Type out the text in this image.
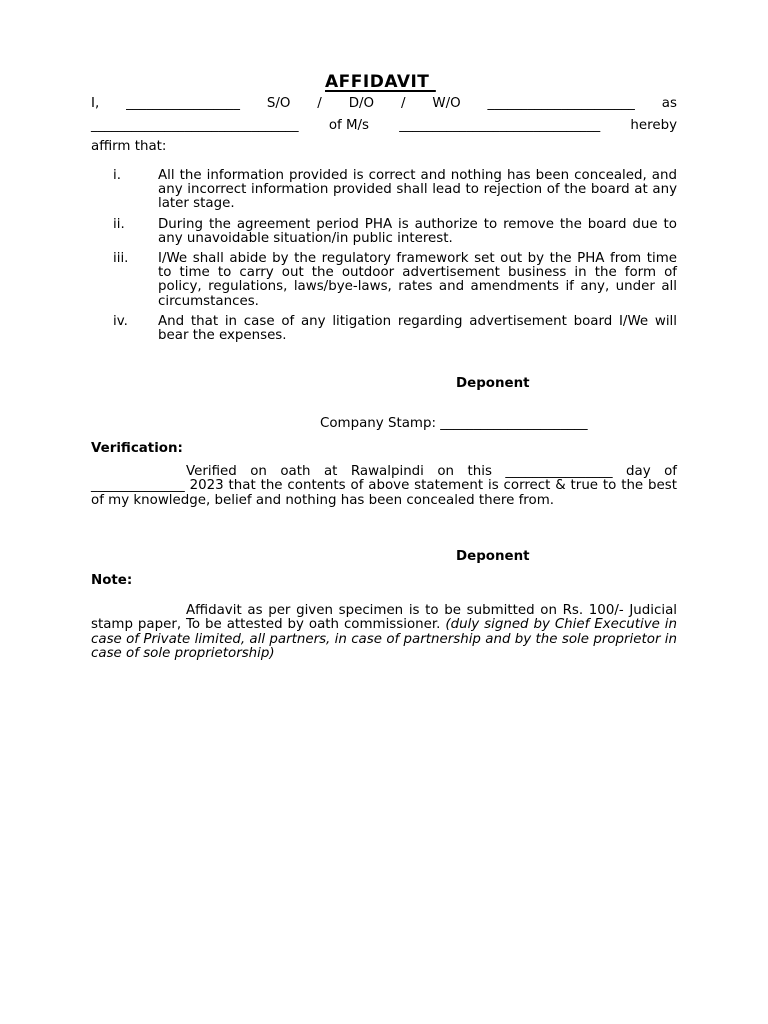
AFFIDAVIT
I, _________________ S/O / D/O / W/O ______________________ as
_______________________________ of M/s ______________________________ hereby
affirm that:
i.	All the information provided is correct and nothing has been concealed, and any incorrect information provided shall lead to rejection of the board at any later stage.
ii. During the agreement period PHA is authorize to remove the board due to any unavoidable situation/in public interest.
iii. I/We shall abide by the regulatory framework set out by the PHA from time to time to carry out the outdoor advertisement business in the form of policy, regulations, laws/bye-laws, rates and amendments if any, under all circumstances.
iv. And that in case of any litigation regarding advertisement board I/We will bear the expenses.
Deponent
Company Stamp: ______________________
Verification:

Verified on oath at Rawalpindi on this ________________ day of ______________ 2023 that the contents of above statement is correct & true to the best of my knowledge, belief and nothing has been concealed there from.

Deponent
Note:

Affidavit as per given specimen is to be submitted on Rs. 100/- Judicial stamp paper, To be attested by oath commissioner. (duly signed by Chief Executive in case of Private limited, all partners, in case of partnership and by the sole proprietor in case of sole proprietorship)
